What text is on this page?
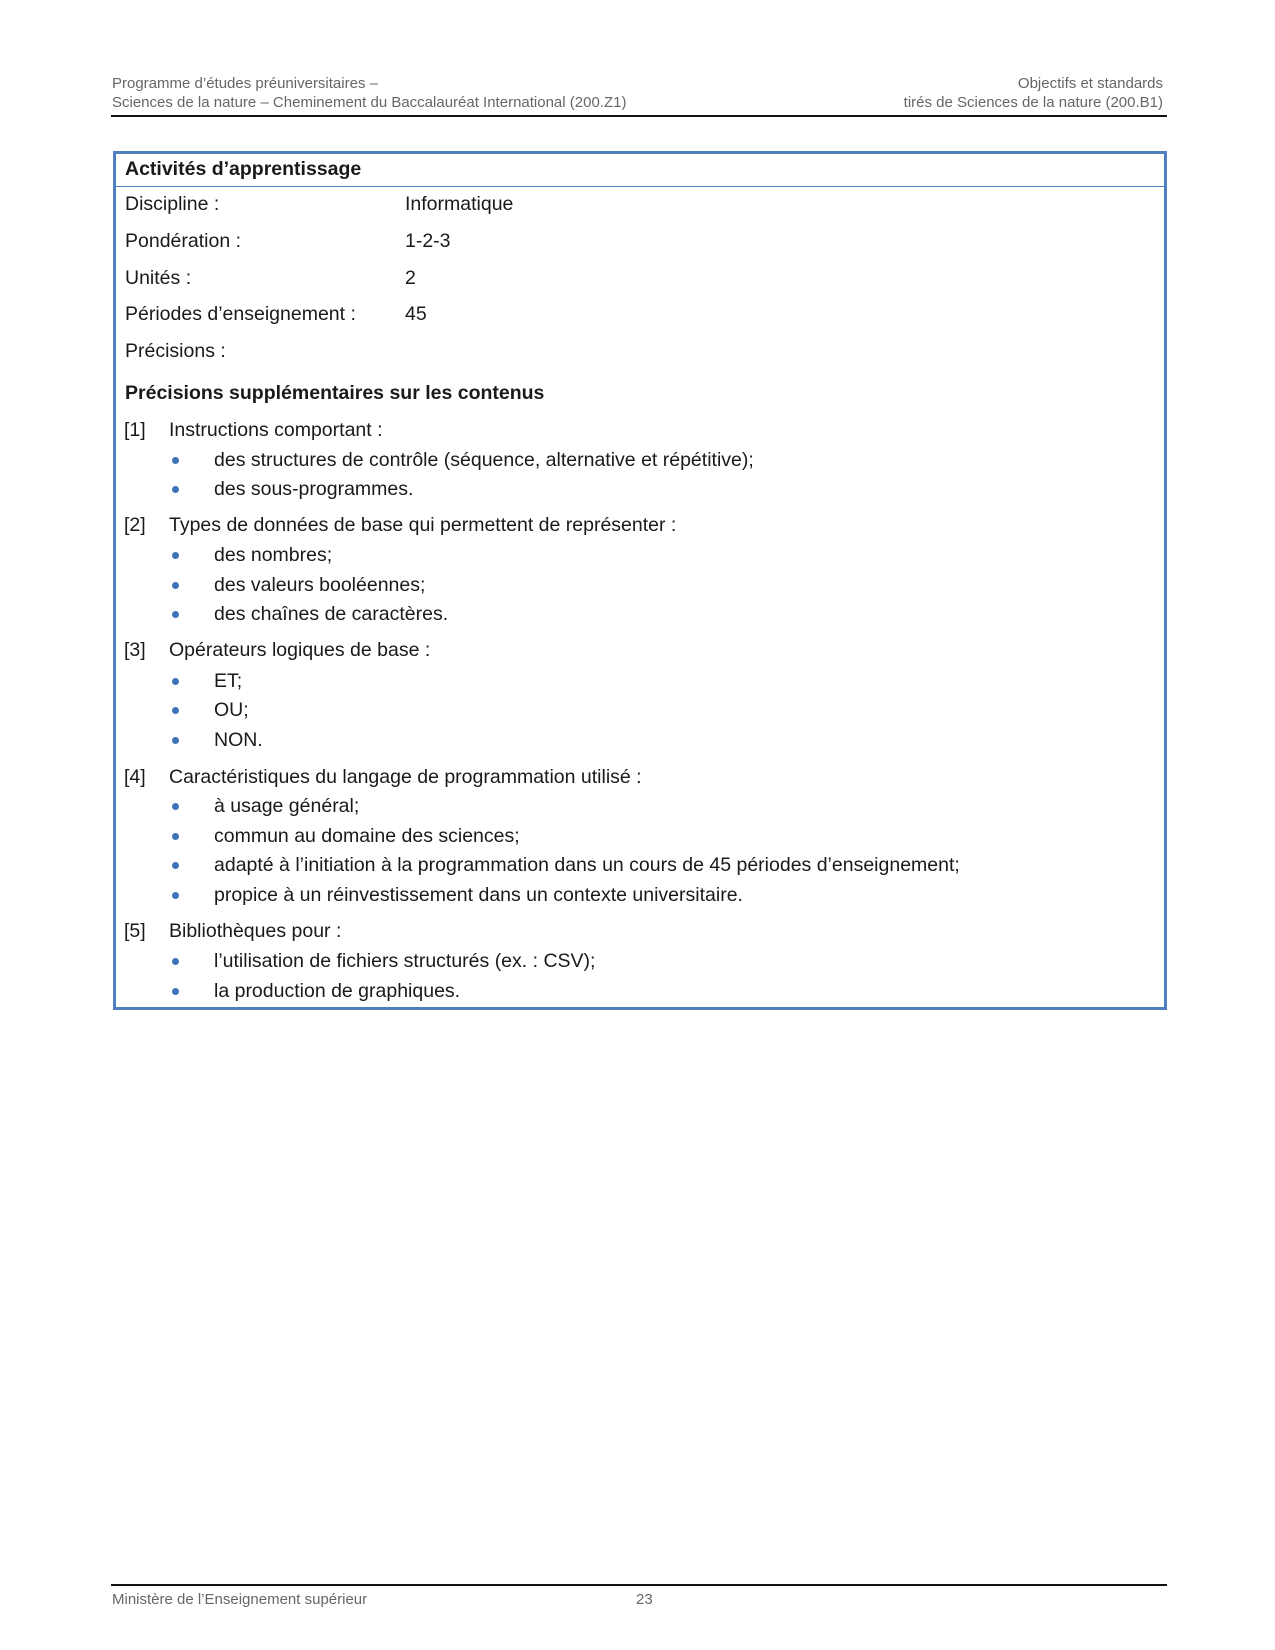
Programme d’études préuniversitaires –
Sciences de la nature – Cheminement du Baccalauréat International (200.Z1)
Objectifs et standards
tirés de Sciences de la nature (200.B1)
Activités d’apprentissage
Discipline :	Informatique
Pondération :	1-2-3
Unités :	2
Périodes d’enseignement :	45
Précisions :
Précisions supplémentaires sur les contenus
[1] Instructions comportant :
des structures de contrôle (séquence, alternative et répétitive);
des sous-programmes.
[2] Types de données de base qui permettent de représenter :
des nombres;
des valeurs booléennes;
des chaînes de caractères.
[3] Opérateurs logiques de base :
ET;
OU;
NON.
[4] Caractéristiques du langage de programmation utilisé :
à usage général;
commun au domaine des sciences;
adapté à l’initiation à la programmation dans un cours de 45 périodes d’enseignement;
propice à un réinvestissement dans un contexte universitaire.
[5] Bibliothèques pour :
l’utilisation de fichiers structurés (ex. : CSV);
la production de graphiques.
Ministère de l’Enseignement supérieur	23
